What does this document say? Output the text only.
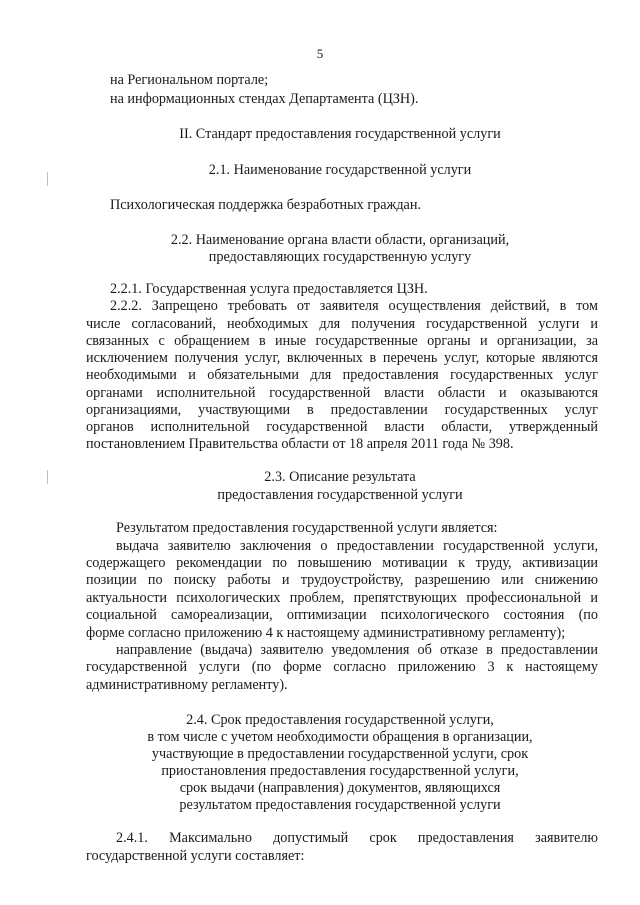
5
на Региональном портале;
на информационных стендах Департамента (ЦЗН).
II. Стандарт предоставления государственной услуги
2.1. Наименование государственной услуги
Психологическая поддержка безработных граждан.
2.2. Наименование органа власти области, организаций,
предоставляющих государственную услугу
2.2.1. Государственная услуга предоставляется ЦЗН.
2.2.2. Запрещено требовать от заявителя осуществления действий, в том
числе согласований, необходимых для получения государственной услуги и
связанных с обращением в иные государственные органы и организации, за
исключением получения услуг, включенных в перечень услуг, которые являются
необходимыми и обязательными для предоставления государственных услуг
органами исполнительной государственной власти области и оказываются
организациями, участвующими в предоставлении государственных услуг
органов исполнительной государственной власти области, утвержденный
постановлением Правительства области от 18 апреля 2011 года № 398.
2.3. Описание результата
предоставления государственной услуги
Результатом предоставления государственной услуги является:
выдача заявителю заключения о предоставлении государственной услуги,
содержащего рекомендации по повышению мотивации к труду, активизации
позиции по поиску работы и трудоустройству, разрешению или снижению
актуальности психологических проблем, препятствующих профессиональной и
социальной самореализации, оптимизации психологического состояния (по
форме согласно приложению 4 к настоящему административному регламенту);
направление (выдача) заявителю уведомления об отказе в предоставлении
государственной услуги (по форме согласно приложению 3 к настоящему
административному регламенту).
2.4. Срок предоставления государственной услуги,
в том числе с учетом необходимости обращения в организации,
участвующие в предоставлении государственной услуги, срок
приостановления предоставления государственной услуги,
срок выдачи (направления) документов, являющихся
результатом предоставления государственной услуги
2.4.1. Максимально допустимый срок предоставления заявителю
государственной услуги составляет:
